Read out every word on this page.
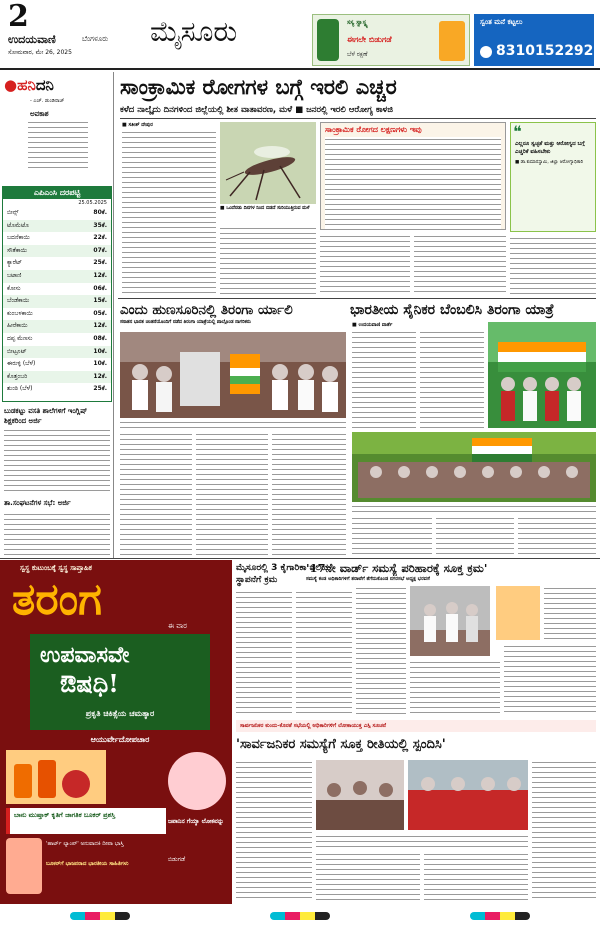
2
ಉದಯವಾಣಿ	ಬೆಂಗಳೂರು
ಸೋಮವಾರ, ಮೇ 26, 2025
ಮೈಸೂರು	ಸಸ್ಯ ಸ್ವಾಸ್ಥ್ಯ
ಈಗಲೇ ಬಿಡುಗಡೆ
ಬೆಳೆ ರಕ್ಷಣೆ
ಸ್ವಂತ ಮನೆ ಕಟ್ಟಲು
8310152292
●ಹನಿದನಿ
- ಎಚ್. ಡುಂಡಿರಾಜ್
ಅವಕಾಶ
ಎಪಿಎಂಸಿ ದರಪಟ್ಟಿ
25.05.2025
ಬೀನ್ಸ್	80ಕೆ.
ಟೊಮೆಟೊ	35ಕೆ.
ಬದನೆಕಾಯಿ	22ಕೆ.
ಸೌತೆಕಾಯಿ	07ಕೆ.
ಕ್ಯಾರೆಟ್	25ಕೆ.
ಬಟಾಣಿ	12ಕೆ.
ಕೋಸು	06ಕೆ.
ಬೆಂಡೆಕಾಯಿ	15ಕೆ.
ಕುಂಬಳಕಾಯಿ	05ಕೆ.
ಹೀರೆಕಾಯಿ	12ಕೆ.
ದಪ್ಪ ಮೆಣಸು	08ಕೆ.
ಬೀಟ್ರೂಟ್	10ಕೆ.
ಈರುಳ್ಳಿ (ಬೆಳೆ)	10ಕೆ.
ಕೊತ್ತಂಬರಿ	12ಕೆ.
ಶುಂಠಿ (ಬೆಳೆ)	25ಕೆ.
ಬುಡಕಟ್ಟು ವಸತಿ ಶಾಲೆಗಳಿಗೆ ಇಂಗ್ಲಿಷ್ ಶಿಕ್ಷಕರಿಂದ ಅರ್ಜಿ
ತಾ.ಸಂಘಟನೆಗಳ ಸಭೆ: ಅರ್ಜಿ
ಸಾಂಕ್ರಾಮಿಕ ರೋಗಗಳ ಬಗ್ಗೆ ಇರಲಿ ಎಚ್ಚರ
ಕಳೆದ ನಾಲ್ಕೈದು ದಿನಗಳಿಂದ ಜಿಲ್ಲೆಯಲ್ಲಿ ಶೀತ ವಾತಾವರಣ, ಮಳೆ ■ ಜನರಲ್ಲಿ ಇರಲಿ ಆರೋಗ್ಯ ಕಾಳಜಿ
■ ಸತೀಶ್ ದೇಪುರ
■ ಒಂದೆರಡು ದಿನಗಳ ನಿಂದ ಬಿಡದೆ ಸುರಿಯುತ್ತಿರುವ ಮಳೆ
ಸಾಂಕ್ರಾಮಿಕ ರೋಗದ ಲಕ್ಷಣಗಳು ಇವು	❝
ಎಲ್ಲರೂ ಸ್ವಚ್ಛತೆ ಮತ್ತು ಆರೋಗ್ಯದ ಬಗ್ಗೆ ಎಚ್ಚರಿಕೆ ವಹಿಸಬೇಕು
■ ಡಾ.ಕುಮಾರಸ್ವಾಮಿ, ಜಿಲ್ಲಾ ಆರೋಗ್ಯಾಧಿಕಾರಿ
ಎಂದು ಹುಣಸೂರಿನಲ್ಲಿ ತಿರಂಗಾ ರ್ಯಾಲಿ
ಸನಾತನ ಭಾರತ ಚಿಂತನೆಯೊಂದಿಗೆ ನಡೆದ ತಿರಂಗಾ ಯಾತ್ರೆಯಲ್ಲಿ ಪಾಲ್ಗೊಂಡ ನಾಗರಿಕರು
ಭಾರತೀಯ ಸೈನಿಕರ ಬೆಂಬಲಿಸಿ ತಿರಂಗಾ ಯಾತ್ರೆ
■ ಉದಯವಾಣಿ ವಾರ್ತೆ
ಸ್ವಸ್ಥ ಕುಟುಂಬಕ್ಕೆ ಸ್ವಸ್ಥ ಸಾಪ್ತಾಹಿಕ
ತರಂಗ
ಈ ವಾರ
ಉಪವಾಸವೇ
ಔಷಧಿ!
ಪ್ರಕೃತಿ ಚಿಕಿತ್ಸೆಯ ಚಮತ್ಕಾರ
ಆಯುರ್ವೇದೋಪಚಾರ
ಬಾನು ಮುಷ್ತಾಕ್ ಕೃತಿಗೆ ಜಾಗತಿಕ ಬೂಕರ್ ಪ್ರಶಸ್ತಿ
'ಹಾರ್ಟ್ ಲ್ಯಾಂಪ್' ಅನುವಾದಕಿ ದೀಪಾ ಭಾಸ್ತಿ
ಜಪಾನಿನ ಗೆಯ್ಶಾ ಲೋಕವನ್ನು
ಬೂಕರ್‌ಗೆ ಭಾಜನರಾದ ಭಾರತೀಯ ಸಾಹಿತಿಗಳು
ಬಿಡುಗಡೆ
ಮೈಸೂರಲ್ಲಿ 3 ಕೈಗಾರಿಕಾ ವಲಯ ಸ್ಥಾಪನೆಗೆ ಕ್ರಮ
'17ನೇ ವಾರ್ಡ್ ಸಮಸ್ಯೆ ಪರಿಹಾರಕ್ಕೆ ಸೂಕ್ತ ಕ್ರಮ'
ಸಮಸ್ಯೆ ಕಂಡ ಅಧಿಕಾರಿಗಳಿಗೆ ತರಾಟೆಗೆ ತೆಗೆದುಕೊಂಡ ನಗರಸಭೆ ಅಧ್ಯಕ್ಷ ಭರವಸೆ
ಸಾರ್ವಜನಿಕರ ಕುಂದು-ಕೊರತೆ ಸಭೆಯಲ್ಲಿ ಅಧಿಕಾರಿಗಳಿಗೆ ಲೋಕಾಯುಕ್ತ ಎಸ್ಪಿ ಸೂಚನೆ
'ಸಾರ್ವಜನಿಕರ ಸಮಸ್ಯೆಗೆ ಸೂಕ್ತ ರೀತಿಯಲ್ಲಿ ಸ್ಪಂದಿಸಿ'
